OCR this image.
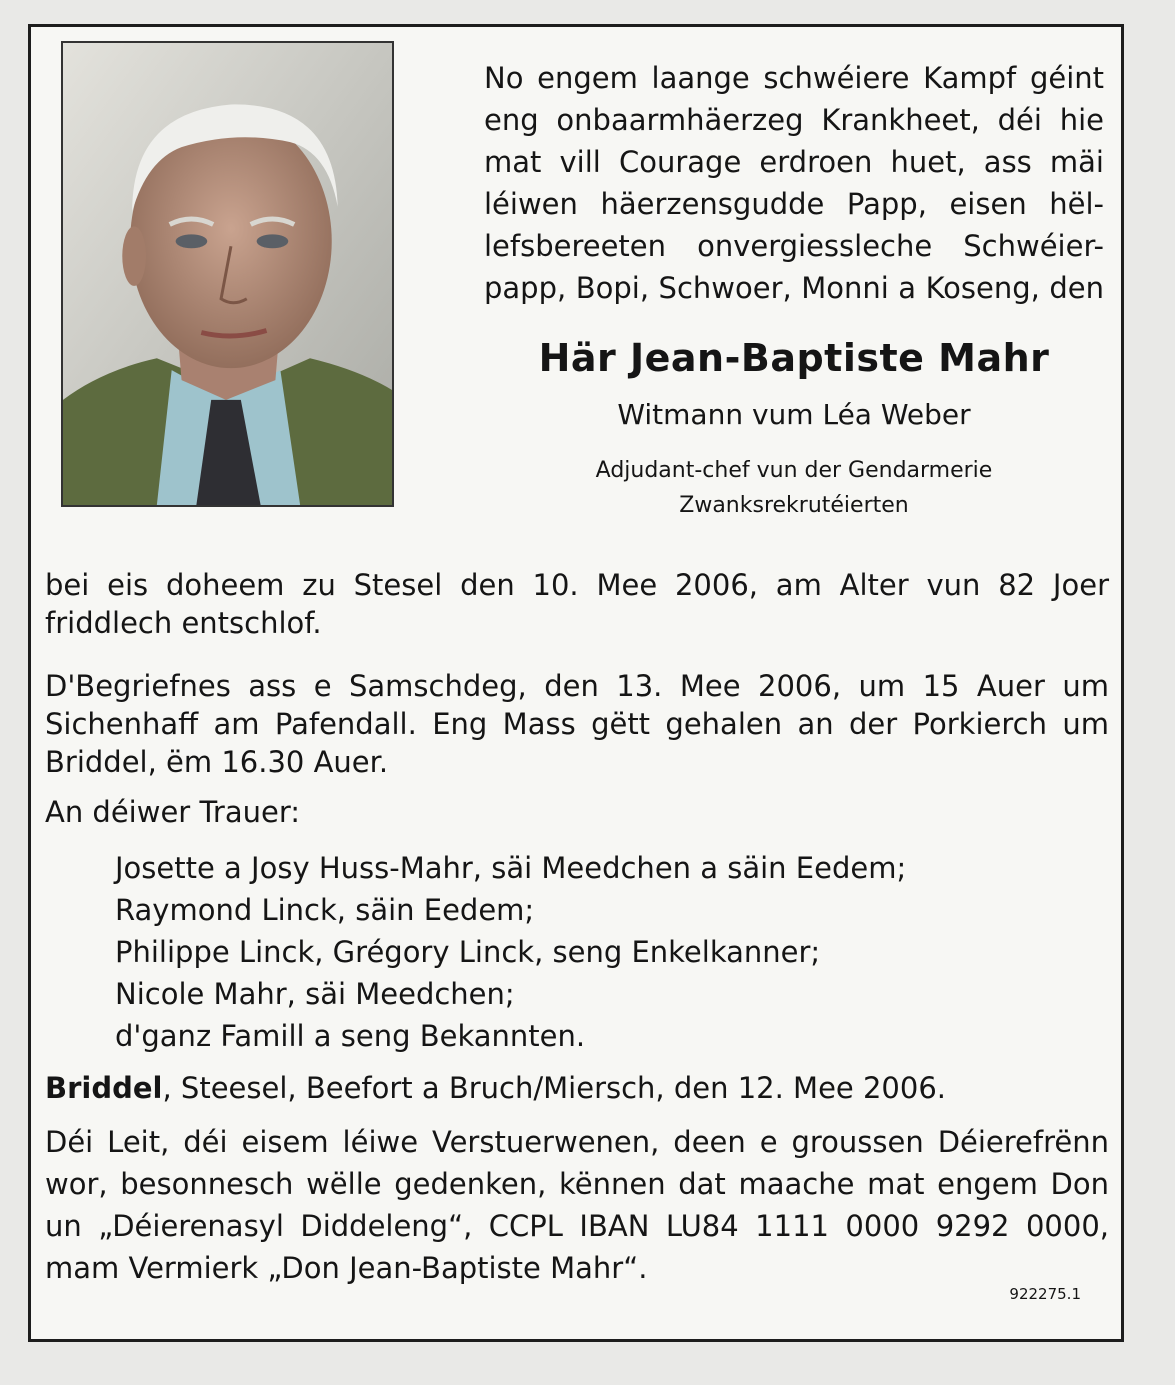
No engem laange schwéiere Kampf géint
eng onbaarmhäerzeg Krankheet, déi hie
mat vill Courage erdroen huet, ass mäi
léiwen häerzensgudde Papp, eisen hël-
lefsbereeten onvergiessleche Schwéier-
papp, Bopi, Schwoer, Monni a Koseng, den

Här Jean-Baptiste Mahr

Witmann vum Léa Weber

Adjudant-chef vun der Gendarmerie
Zwanksrekrutéierten

bei eis doheem zu Stesel den 10. Mee 2006, am Alter vun 82 Joer friddlech entschlof.

D'Begriefnes ass e Samschdeg, den 13. Mee 2006, um 15 Auer um Sichenhaff am Pafendall. Eng Mass gëtt gehalen an der Porkierch um Briddel, ëm 16.30 Auer.

An déiwer Trauer:

Josette a Josy Huss-Mahr, säi Meedchen a säin Eedem;
Raymond Linck, säin Eedem;
Philippe Linck, Grégory Linck, seng Enkelkanner;
Nicole Mahr, säi Meedchen;
d'ganz Famill a seng Bekannten.

Briddel, Steesel, Beefort a Bruch/Miersch, den 12. Mee 2006.

Déi Leit, déi eisem léiwe Verstuerwenen, deen e groussen Déierefrënn wor, besonnesch wëlle gedenken, kënnen dat maache mat engem Don un „Déierenasyl Diddeleng“, CCPL IBAN LU84 1111 0000 9292 0000, mam Vermierk „Don Jean-Baptiste Mahr“.

922275.1
